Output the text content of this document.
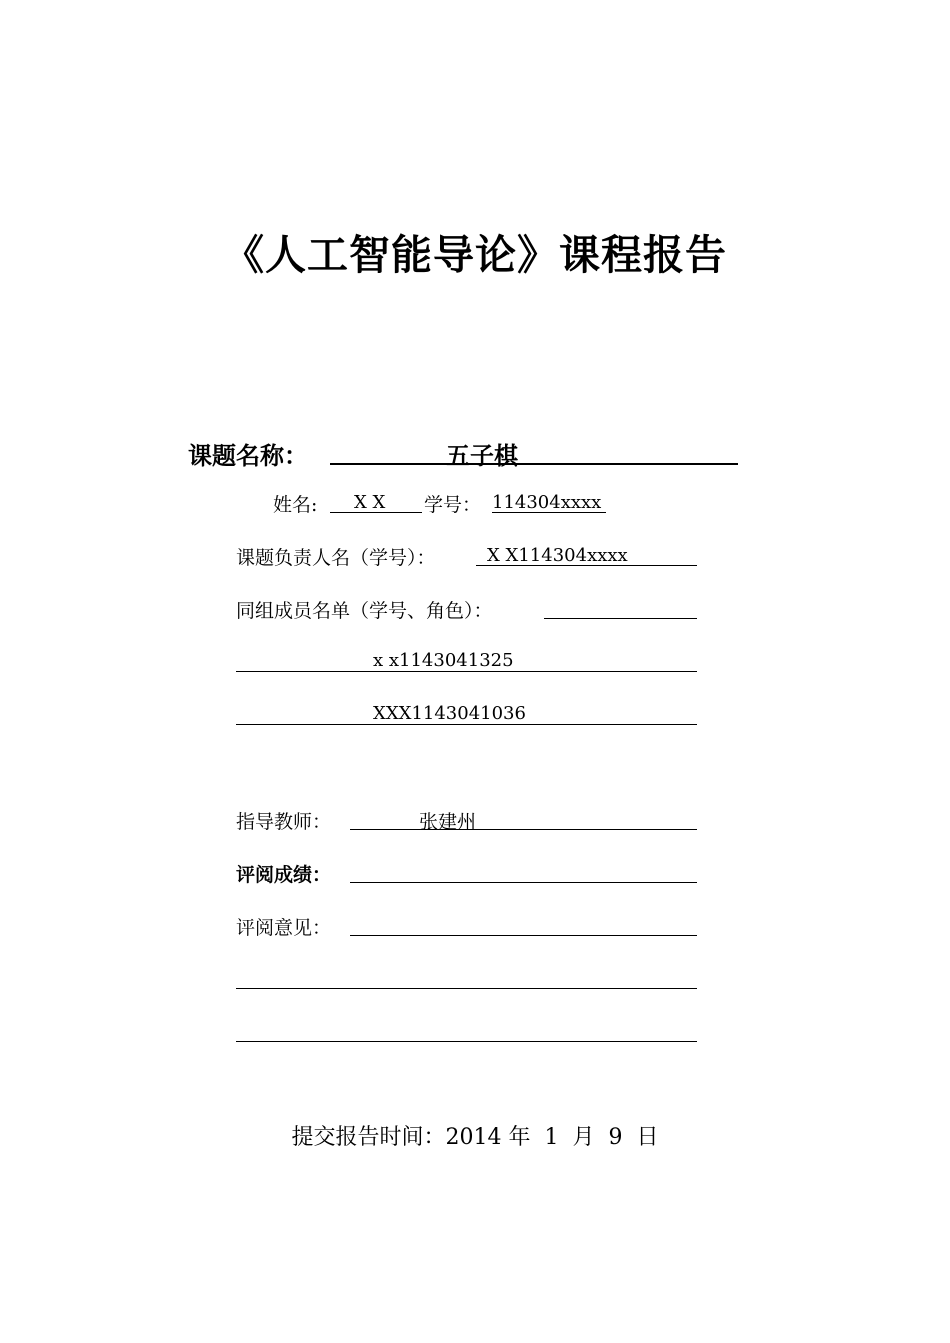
《人工智能导论》课程报告
课题名称：	五子棋
姓名: X X 学号： 114304xxxx
课题负责人名（学号）：	X X114304xxxx
同组成员名单（学号、角色）：
x x1143041325
XXX1143041036
指导教师：	张建州
评阅成绩：
评阅意见：
提交报告时间：2014 年 1 月 9 日
